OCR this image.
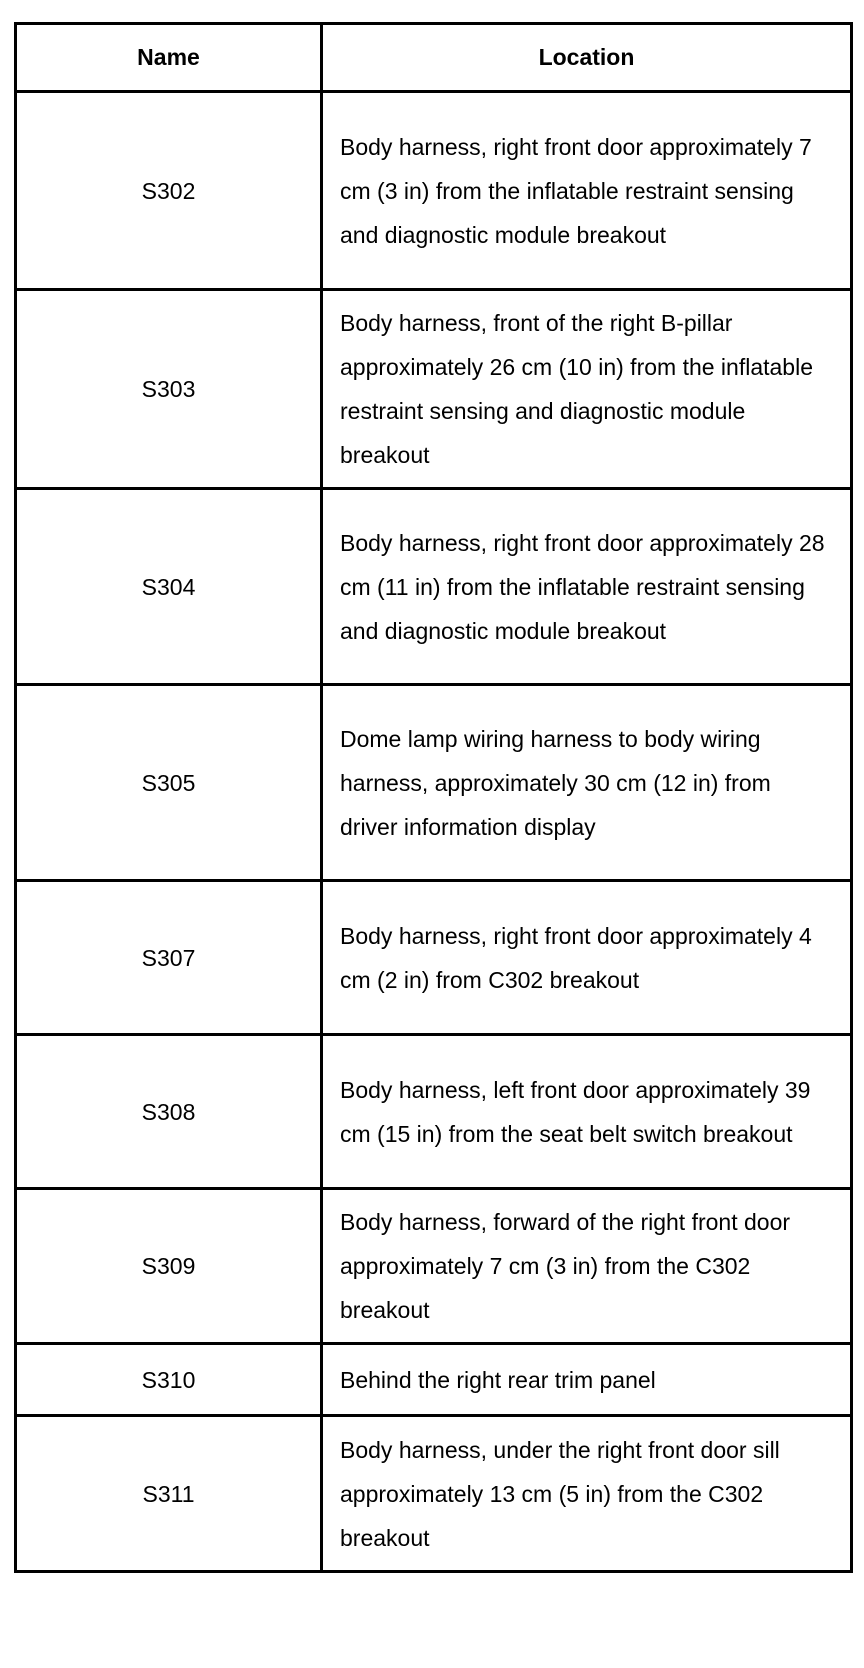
Name	Location
S302	Body harness, right front door approximately 7 cm (3 in) from the inflatable restraint sensing and diagnostic module breakout
S303	Body harness, front of the right B-pillar approximately 26 cm (10 in) from the inflatable restraint sensing and diagnostic module breakout
S304	Body harness, right front door approximately 28 cm (11 in) from the inflatable restraint sensing and diagnostic module breakout
S305	Dome lamp wiring harness to body wiring harness, approximately 30 cm (12 in) from driver information display
S307	Body harness, right front door approximately 4 cm (2 in) from C302 breakout
S308	Body harness, left front door approximately 39 cm (15 in) from the seat belt switch breakout
S309	Body harness, forward of the right front door approximately 7 cm (3 in) from the C302 breakout
S310	Behind the right rear trim panel
S311	Body harness, under the right front door sill approximately 13 cm (5 in) from the C302 breakout
